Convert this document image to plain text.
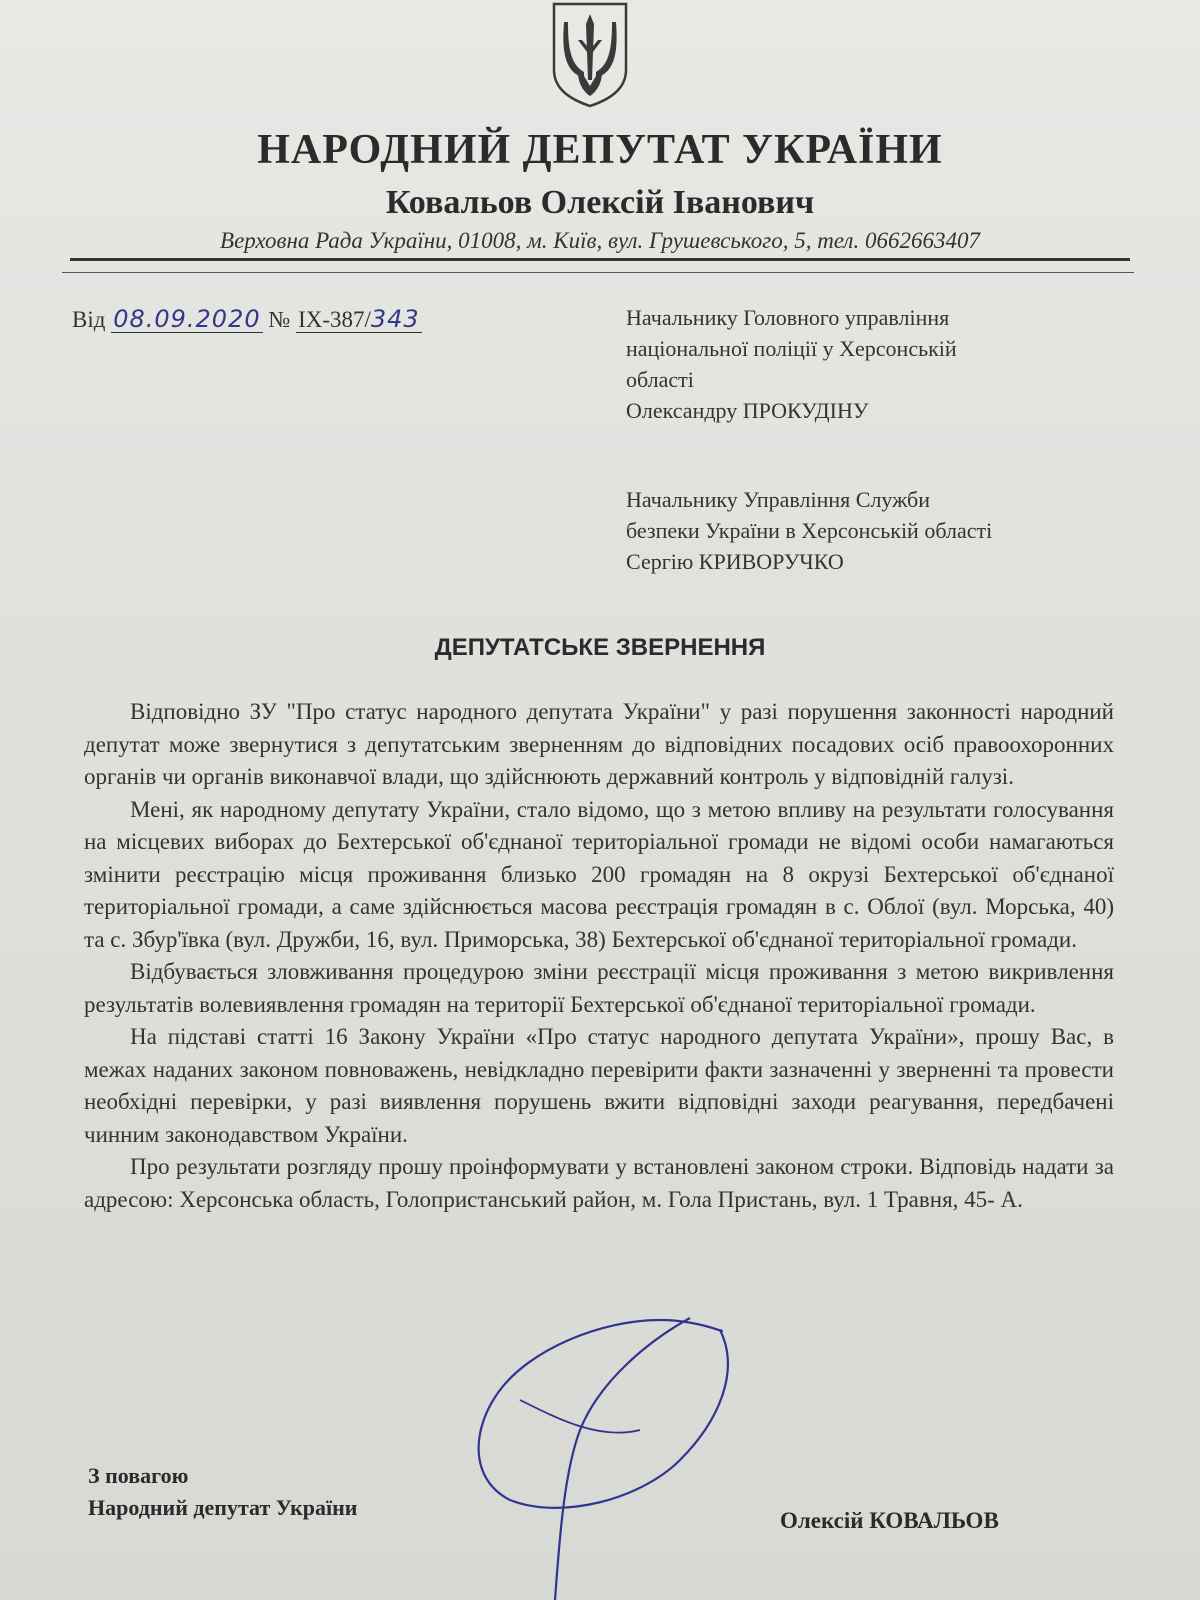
НАРОДНИЙ ДЕПУТАТ УКРАЇНИ
Ковальов Олексій Іванович
Верховна Рада України, 01008, м. Київ, вул. Грушевського, 5, тел. 0662663407
Від 08.09.2020 № IX-387/343	Начальнику Головного управління
національної поліції у Херсонській
області
Олександру ПРОКУДІНУ
Начальнику Управління Служби
безпеки України в Херсонській області
Сергію КРИВОРУЧКО
ДЕПУТАТСЬКЕ ЗВЕРНЕННЯ

Відповідно ЗУ "Про статус народного депутата України" у разі порушення законності народний депутат може звернутися з депутатським зверненням до відповідних посадових осіб правоохоронних органів чи органів виконавчої влади, що здійснюють державний контроль у відповідній галузі.

Мені, як народному депутату України, стало відомо, що з метою впливу на результати голосування на місцевих виборах до Бехтерської об'єднаної територіальної громади не відомі особи намагаються змінити реєстрацію місця проживання близько 200 громадян на 8 окрузі Бехтерської об'єднаної територіальної громади, а саме здійснюється масова реєстрація громадян в с. Облої (вул. Морська, 40) та с. Збур'ївка (вул. Дружби, 16, вул. Приморська, 38) Бехтерської об'єднаної територіальної громади.

Відбувається зловживання процедурою зміни реєстрації місця проживання з метою викривлення результатів волевиявлення громадян на території Бехтерської об'єднаної територіальної громади.

На підставі статті 16 Закону України «Про статус народного депутата України», прошу Вас, в межах наданих законом повноважень, невідкладно перевірити факти зазначенні у зверненні та провести необхідні перевірки, у разі виявлення порушень вжити відповідні заходи реагування, передбачені чинним законодавством України.

Про результати розгляду прошу проінформувати у встановлені законом строки. Відповідь надати за адресою: Херсонська область, Голопристанський район, м. Гола Пристань, вул. 1 Травня, 45- А.

З повагою
Народний депутат України
Олексій КОВАЛЬОВ
